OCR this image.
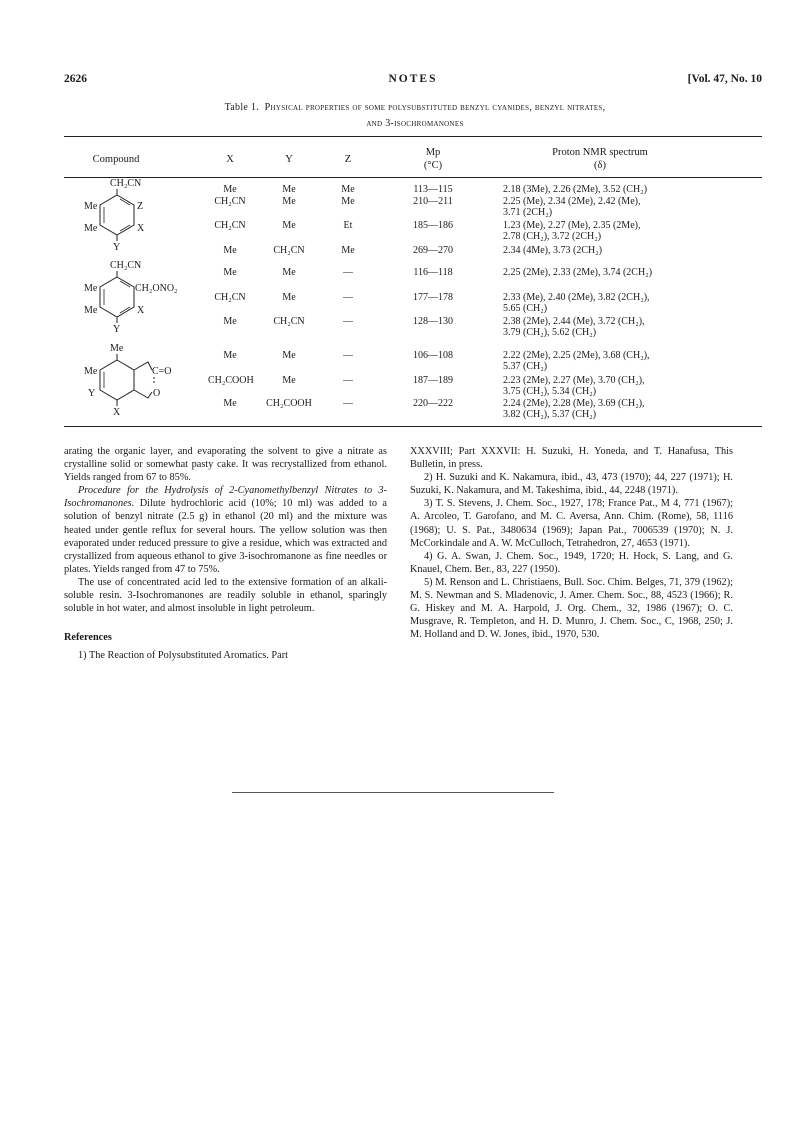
2626	NOTES	[Vol. 47, No. 10
Table 1. Physical properties of some polysubstituted benzyl cyanides, benzyl nitrates,
and 3-isochromanones
Compound	X	Y	Z
Mp
(°C)
Proton NMR spectrum
(δ)
CH₂CN
Me	Z
Me	X
Y
CH₂CN
Me	CH₂ONO₂
Me	X
Y
Me
Me	C=O
Y	O
X
Me	Me	Me	113—115	2.18 (3Me), 2.26 (2Me), 3.52 (CH₂)
CH₂CN	Me	Me	210—211	2.25 (Me), 2.34 (2Me), 2.42 (Me),
3.71 (2CH₂)
CH₂CN	Me	Et	185—186	1.23 (Me), 2.27 (Me), 2.35 (2Me),
2.78 (CH₂), 3.72 (2CH₂)
Me	CH₂CN	Me	269—270	2.34 (4Me), 3.73 (2CH₂)
Me	Me	—	116—118	2.25 (2Me), 2.33 (2Me), 3.74 (2CH₂)
CH₂CN	Me	—	177—178	2.33 (Me), 2.40 (2Me), 3.82 (2CH₂),
5.65 (CH₂)
Me	CH₂CN	—	128—130	2.38 (2Me), 2.44 (Me), 3.72 (CH₂),
3.79 (CH₂), 5.62 (CH₂)
Me	Me	—	106—108	2.22 (2Me), 2.25 (2Me), 3.68 (CH₂),
5.37 (CH₂)
CH₂COOH	Me	—	187—189	2.23 (2Me), 2.27 (Me), 3.70 (CH₂),
3.75 (CH₂), 5.34 (CH₂)
Me	CH₂COOH	—	220—222	2.24 (2Me), 2.28 (Me), 3.69 (CH₂),
3.82 (CH₂), 5.37 (CH₂)

arating the organic layer, and evaporating the solvent to give a nitrate as crystalline solid or somewhat pasty cake. It was recrystallized from ethanol. Yields ranged from 67 to 85%.

Procedure for the Hydrolysis of 2-Cyanomethylbenzyl Nitrates to 3-Isochromanones. Dilute hydrochloric acid (10%; 10 ml) was added to a solution of benzyl nitrate (2.5 g) in ethanol (20 ml) and the mixture was heated under gentle reflux for several hours. The yellow solution was then evaporated under reduced pressure to give a residue, which was extracted and crystallized from aqueous ethanol to give 3-isochromanone as fine needles or plates. Yields ranged from 47 to 75%.

The use of concentrated acid led to the extensive formation of an alkali-soluble resin. 3-Isochromanones are readily soluble in ethanol, sparingly soluble in hot water, and almost insoluble in light petroleum.

References

1) The Reaction of Polysubstituted Aromatics. Part

XXXVIII; Part XXXVII: H. Suzuki, H. Yoneda, and T. Hanafusa, This Bulletin, in press.

2) H. Suzuki and K. Nakamura, ibid., 43, 473 (1970); 44, 227 (1971); H. Suzuki, K. Nakamura, and M. Takeshima, ibid., 44, 2248 (1971).

3) T. S. Stevens, J. Chem. Soc., 1927, 178; France Pat., M 4, 771 (1967); A. Arcoleo, T. Garofano, and M. C. Aversa, Ann. Chim. (Rome), 58, 1116 (1968); U. S. Pat., 3480634 (1969); Japan Pat., 7006539 (1970); N. J. McCorkindale and A. W. McCulloch, Tetrahedron, 27, 4653 (1971).

4) G. A. Swan, J. Chem. Soc., 1949, 1720; H. Hock, S. Lang, and G. Knauel, Chem. Ber., 83, 227 (1950).

5) M. Renson and L. Christiaens, Bull. Soc. Chim. Belges, 71, 379 (1962); M. S. Newman and S. Mladenovic, J. Amer. Chem. Soc., 88, 4523 (1966); R. G. Hiskey and M. A. Harpold, J. Org. Chem., 32, 1986 (1967); O. C. Musgrave, R. Templeton, and H. D. Munro, J. Chem. Soc., C, 1968, 250; J. M. Holland and D. W. Jones, ibid., 1970, 530.
